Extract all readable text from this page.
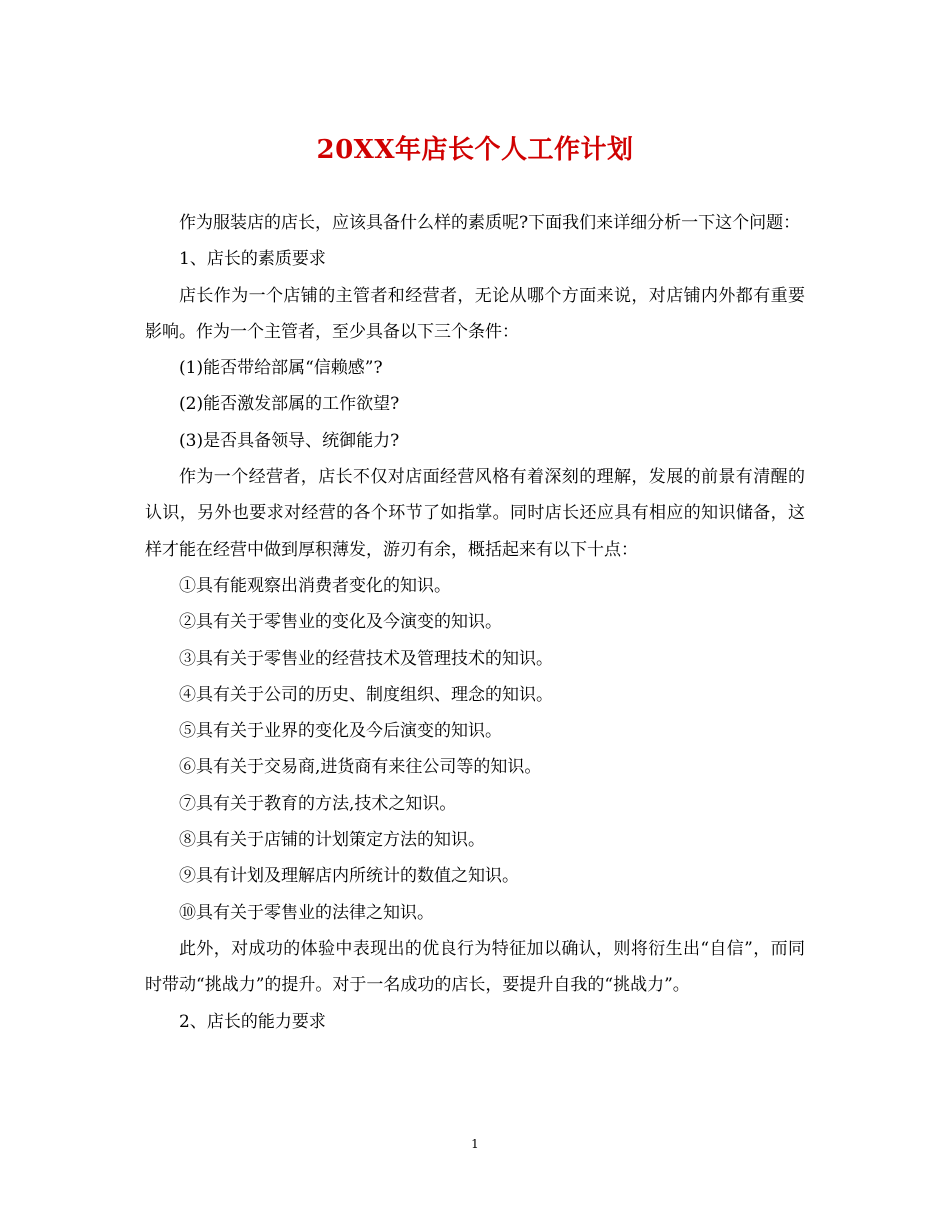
20XX年店长个人工作计划

作为服装店的店长，应该具备什么样的素质呢?下面我们来详细分析一下这个问题：

1、店长的素质要求

店长作为一个店铺的主管者和经营者，无论从哪个方面来说，对店铺内外都有重要影响。作为一个主管者，至少具备以下三个条件：

(1)能否带给部属“信赖感”?

(2)能否激发部属的工作欲望?

(3)是否具备领导、统御能力?

作为一个经营者，店长不仅对店面经营风格有着深刻的理解，发展的前景有清醒的认识，另外也要求对经营的各个环节了如指掌。同时店长还应具有相应的知识储备，这样才能在经营中做到厚积薄发，游刃有余，概括起来有以下十点：

①具有能观察出消费者变化的知识。

②具有关于零售业的变化及今演变的知识。

③具有关于零售业的经营技术及管理技术的知识。

④具有关于公司的历史、制度组织、理念的知识。

⑤具有关于业界的变化及今后演变的知识。

⑥具有关于交易商,进货商有来往公司等的知识。

⑦具有关于教育的方法,技术之知识。

⑧具有关于店铺的计划策定方法的知识。

⑨具有计划及理解店内所统计的数值之知识。

⑩具有关于零售业的法律之知识。

此外，对成功的体验中表现出的优良行为特征加以确认，则将衍生出“自信”，而同时带动“挑战力”的提升。对于一名成功的店长，要提升自我的“挑战力”。

2、店长的能力要求

1
